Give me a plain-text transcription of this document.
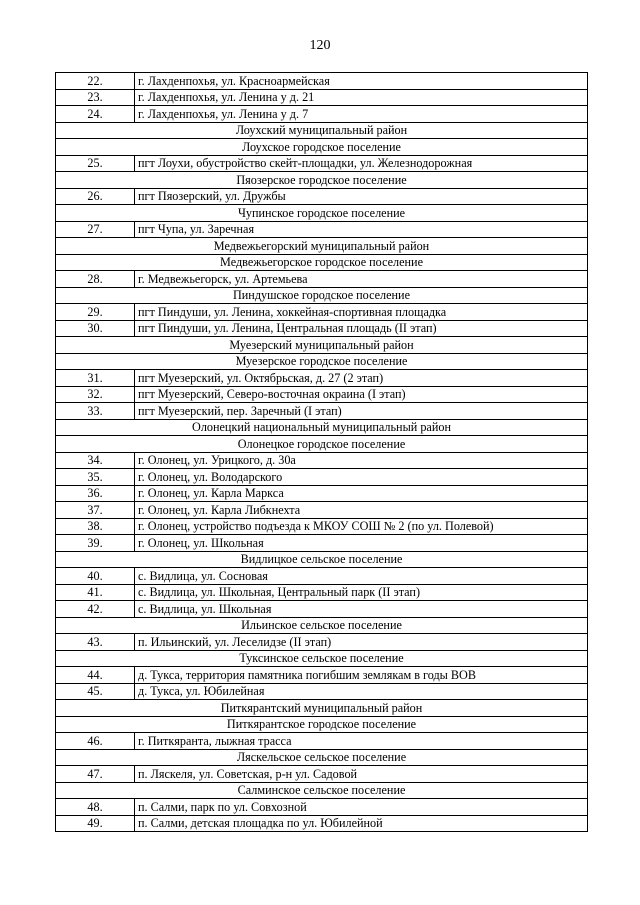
120
22.	г. Лахденпохья, ул. Красноармейская
23.	г. Лахденпохья, ул. Ленина у д. 21
24.	г. Лахденпохья, ул. Ленина у д. 7
Лоухский муниципальный район	
Лоухское городское поселение	
25.	пгт Лоухи, обустройство скейт-площадки, ул. Железнодорожная
Пяозерское городское поселение	
26.	пгт Пяозерский, ул. Дружбы
Чупинское городское поселение	
27.	пгт Чупа, ул. Заречная
Медвежьегорский муниципальный район	
Медвежьегорское городское поселение	
28.	г. Медвежьегорск, ул. Артемьева
Пиндушское городское поселение	
29.	пгт Пиндуши, ул. Ленина, хоккейная-спортивная площадка
30.	пгт Пиндуши, ул. Ленина, Центральная площадь (II этап)
Муезерский муниципальный район	
Муезерское городское поселение	
31.	пгт Муезерский, ул. Октябрьская, д. 27 (2 этап)
32.	пгт Муезерский, Северо-восточная окраина (I этап)
33.	пгт Муезерский, пер. Заречный (I этап)
Олонецкий национальный муниципальный район	
Олонецкое городское поселение	
34.	г. Олонец, ул. Урицкого, д. 30а
35.	г. Олонец, ул. Володарского
36.	г. Олонец, ул. Карла Маркса
37.	г. Олонец, ул. Карла Либкнехта
38.	г. Олонец, устройство подъезда к МКОУ СОШ № 2 (по ул. Полевой)
39.	г. Олонец, ул. Школьная
Видлицкое сельское поселение	
40.	с. Видлица, ул. Сосновая
41.	с. Видлица, ул. Школьная, Центральный парк (II этап)
42.	с. Видлица, ул. Школьная
Ильинское сельское поселение	
43.	п. Ильинский, ул. Леселидзе (II этап)
Туксинское сельское поселение	
44.	д. Тукса, территория памятника погибшим землякам в годы ВОВ
45.	д. Тукса, ул. Юбилейная
Питкярантский муниципальный район	
Питкярантское городское поселение	
46.	г. Питкяранта, лыжная трасса
Ляскельское сельское поселение	
47.	п. Ляскеля, ул. Советская, р-н ул. Садовой
Салминское сельское поселение	
48.	п. Салми, парк по ул. Совхозной
49.	п. Салми, детская площадка по ул. Юбилейной
